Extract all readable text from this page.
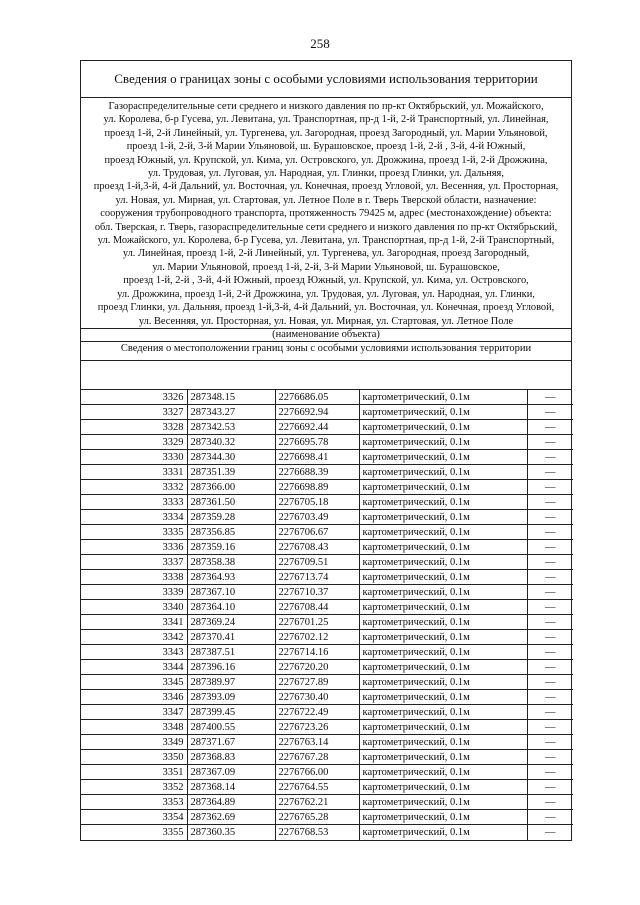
258
Сведения о границах зоны с особыми условиями использования территории
Газораспределительные сети среднего и низкого давления по пр-кт Октябрьский, ул. Можайского,
ул. Королева, б-р Гусева, ул. Левитана, ул. Транспортная, пр-д 1-й, 2-й Транспортный, ул. Линейная,
проезд 1-й, 2-й Линейный, ул. Тургенева, ул. Загородная, проезд Загородный, ул. Марии Ульяновой,
проезд 1-й, 2-й, 3-й Марии Ульяновой, ш. Бурашовское, проезд 1-й, 2-й , 3-й, 4-й Южный,
проезд Южный, ул. Крупской, ул. Кима, ул. Островского, ул. Дрожжина, проезд 1-й, 2-й Дрожжина,
ул. Трудовая, ул. Луговая, ул. Народная, ул. Глинки, проезд Глинки, ул. Дальняя,
проезд 1-й,3-й, 4-й Дальний, ул. Восточная, ул. Конечная, проезд Угловой, ул. Весенняя, ул. Просторная,
ул. Новая, ул. Мирная, ул. Стартовая, ул. Летное Поле в г. Тверь Тверской области, назначение:
сооружения трубопроводного транспорта, протяженность 79425 м, адрес (местонахождение) объекта:
обл. Тверская, г. Тверь, газораспределительные сети среднего и низкого давления по пр-кт Октябрьский,
ул. Можайского, ул. Королева, б-р Гусева, ул. Левитана, ул. Транспортная, пр-д 1-й, 2-й Транспортный,
ул. Линейная, проезд 1-й, 2-й Линейный, ул. Тургенева, ул. Загородная, проезд Загородный,
ул. Марии Ульяновой, проезд 1-й, 2-й, 3-й Марии Ульяновой, ш. Бурашовское,
проезд 1-й, 2-й , 3-й, 4-й Южный, проезд Южный, ул. Крупской, ул. Кима, ул. Островского,
ул. Дрожжина, проезд 1-й, 2-й Дрожжина, ул. Трудовая, ул. Луговая, ул. Народная, ул. Глинки,
проезд Глинки, ул. Дальняя, проезд 1-й,3-й, 4-й Дальний, ул. Восточная, ул. Конечная, проезд Угловой,
ул. Весенняя, ул. Просторная, ул. Новая, ул. Мирная, ул. Стартовая, ул. Летное Поле
(наименование объекта)
Сведения о местоположении границ зоны с особыми условиями использования территории
3326	287348.15	2276686.05	картометрический, 0.1м	—
3327	287343.27	2276692.94	картометрический, 0.1м	—
3328	287342.53	2276692.44	картометрический, 0.1м	—
3329	287340.32	2276695.78	картометрический, 0.1м	—
3330	287344.30	2276698.41	картометрический, 0.1м	—
3331	287351.39	2276688.39	картометрический, 0.1м	—
3332	287366.00	2276698.89	картометрический, 0.1м	—
3333	287361.50	2276705.18	картометрический, 0.1м	—
3334	287359.28	2276703.49	картометрический, 0.1м	—
3335	287356.85	2276706.67	картометрический, 0.1м	—
3336	287359.16	2276708.43	картометрический, 0.1м	—
3337	287358.38	2276709.51	картометрический, 0.1м	—
3338	287364.93	2276713.74	картометрический, 0.1м	—
3339	287367.10	2276710.37	картометрический, 0.1м	—
3340	287364.10	2276708.44	картометрический, 0.1м	—
3341	287369.24	2276701.25	картометрический, 0.1м	—
3342	287370.41	2276702.12	картометрический, 0.1м	—
3343	287387.51	2276714.16	картометрический, 0.1м	—
3344	287396.16	2276720.20	картометрический, 0.1м	—
3345	287389.97	2276727.89	картометрический, 0.1м	—
3346	287393.09	2276730.40	картометрический, 0.1м	—
3347	287399.45	2276722.49	картометрический, 0.1м	—
3348	287400.55	2276723.26	картометрический, 0.1м	—
3349	287371.67	2276763.14	картометрический, 0.1м	—
3350	287368.83	2276767.28	картометрический, 0.1м	—
3351	287367.09	2276766.00	картометрический, 0.1м	—
3352	287368.14	2276764.55	картометрический, 0.1м	—
3353	287364.89	2276762.21	картометрический, 0.1м	—
3354	287362.69	2276765.28	картометрический, 0.1м	—
3355	287360.35	2276768.53	картометрический, 0.1м	—
